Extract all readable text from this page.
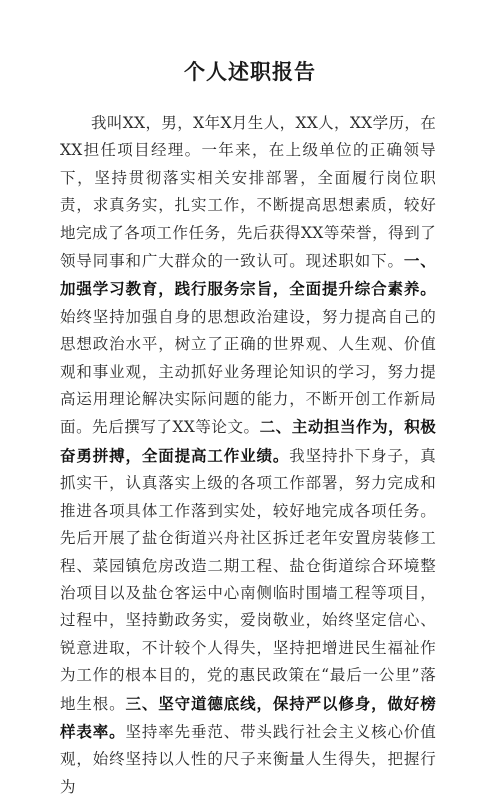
个人述职报告
我叫XX，男，X年X月生人，XX人，XX学历，在XX担任项目经理。一年来，在上级单位的正确领导下，坚持贯彻落实相关安排部署，全面履行岗位职责，求真务实，扎实工作，不断提高思想素质，较好地完成了各项工作任务，先后获得XX等荣誉，得到了领导同事和广大群众的一致认可。现述职如下。一、加强学习教育，践行服务宗旨，全面提升综合素养。始终坚持加强自身的思想政治建设，努力提高自己的思想政治水平，树立了正确的世界观、人生观、价值观和事业观，主动抓好业务理论知识的学习，努力提高运用理论解决实际问题的能力，不断开创工作新局面。先后撰写了XX等论文。二、主动担当作为，积极奋勇拼搏，全面提高工作业绩。我坚持扑下身子，真抓实干，认真落实上级的各项工作部署，努力完成和推进各项具体工作落到实处，较好地完成各项任务。先后开展了盐仓街道兴舟社区拆迁老年安置房装修工程、菜园镇危房改造二期工程、盐仓街道综合环境整治项目以及盐仓客运中心南侧临时围墙工程等项目，过程中，坚持勤政务实，爱岗敬业，始终坚定信心、锐意进取，不计较个人得失，坚持把增进民生福祉作为工作的根本目的，党的惠民政策在“最后一公里”落地生根。三、坚守道德底线，保持严以修身，做好榜样表率。坚持率先垂范、带头践行社会主义核心价值观，始终坚持以人性的尺子来衡量人生得失，把握行为
